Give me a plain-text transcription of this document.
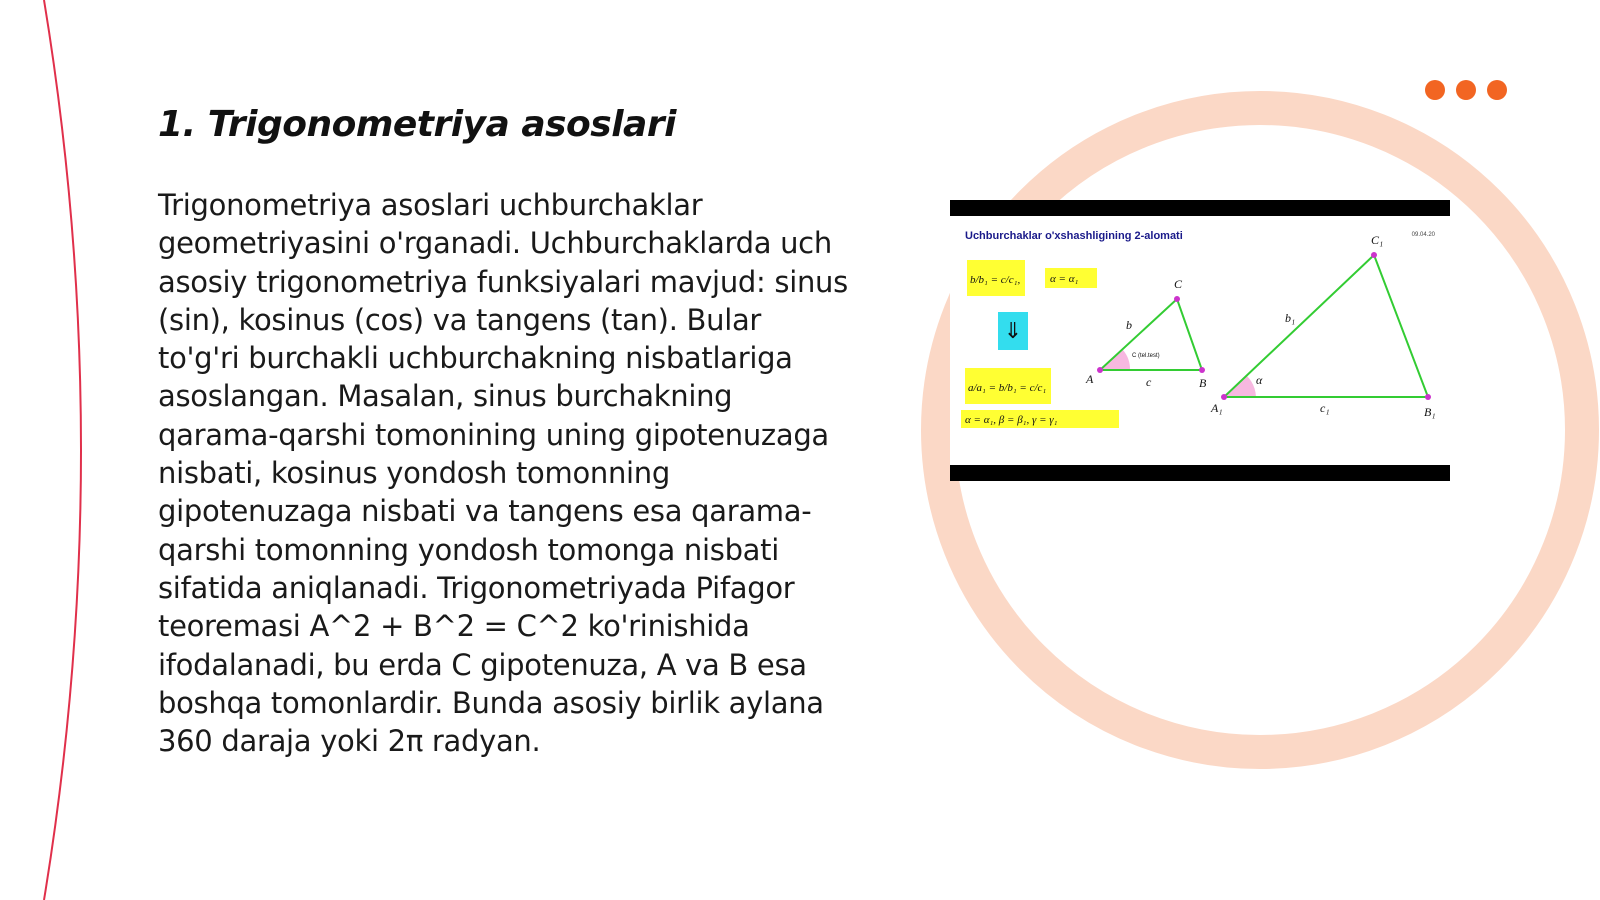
1. Trigonometriya asoslari

Trigonometriya asoslari uchburchaklar geometriyasini o'rganadi. Uchburchaklarda uch asosiy trigonometriya funksiyalari mavjud: sinus (sin), kosinus (cos) va tangens (tan). Bular to'g'ri burchakli uchburchakning nisbatlariga asoslangan. Masalan, sinus burchakning qarama-qarshi tomonining uning gipotenuzaga nisbati, kosinus yondosh tomonning gipotenuzaga nisbati va tangens esa qarama-qarshi tomonning yondosh tomonga nisbati sifatida aniqlanadi. Trigonometriyada Pifagor teoremasi A^2 + B^2 = C^2 ko'rinishida ifodalanadi, bu erda C gipotenuza, A va B esa boshqa tomonlardir. Bunda asosiy birlik aylana 360 daraja yoki 2π radyan.

Uchburchaklar o'xshashligining 2-alomati	09.04.20
b/b₁ = c/c₁,	α = α₁
⇓
a/a₁ = b/b₁ = c/c₁
α = α₁, β = β₁, γ = γ₁
A	B
C
b
c
C (tel.test)
A₁	B₁
C₁
b₁
c₁
α
